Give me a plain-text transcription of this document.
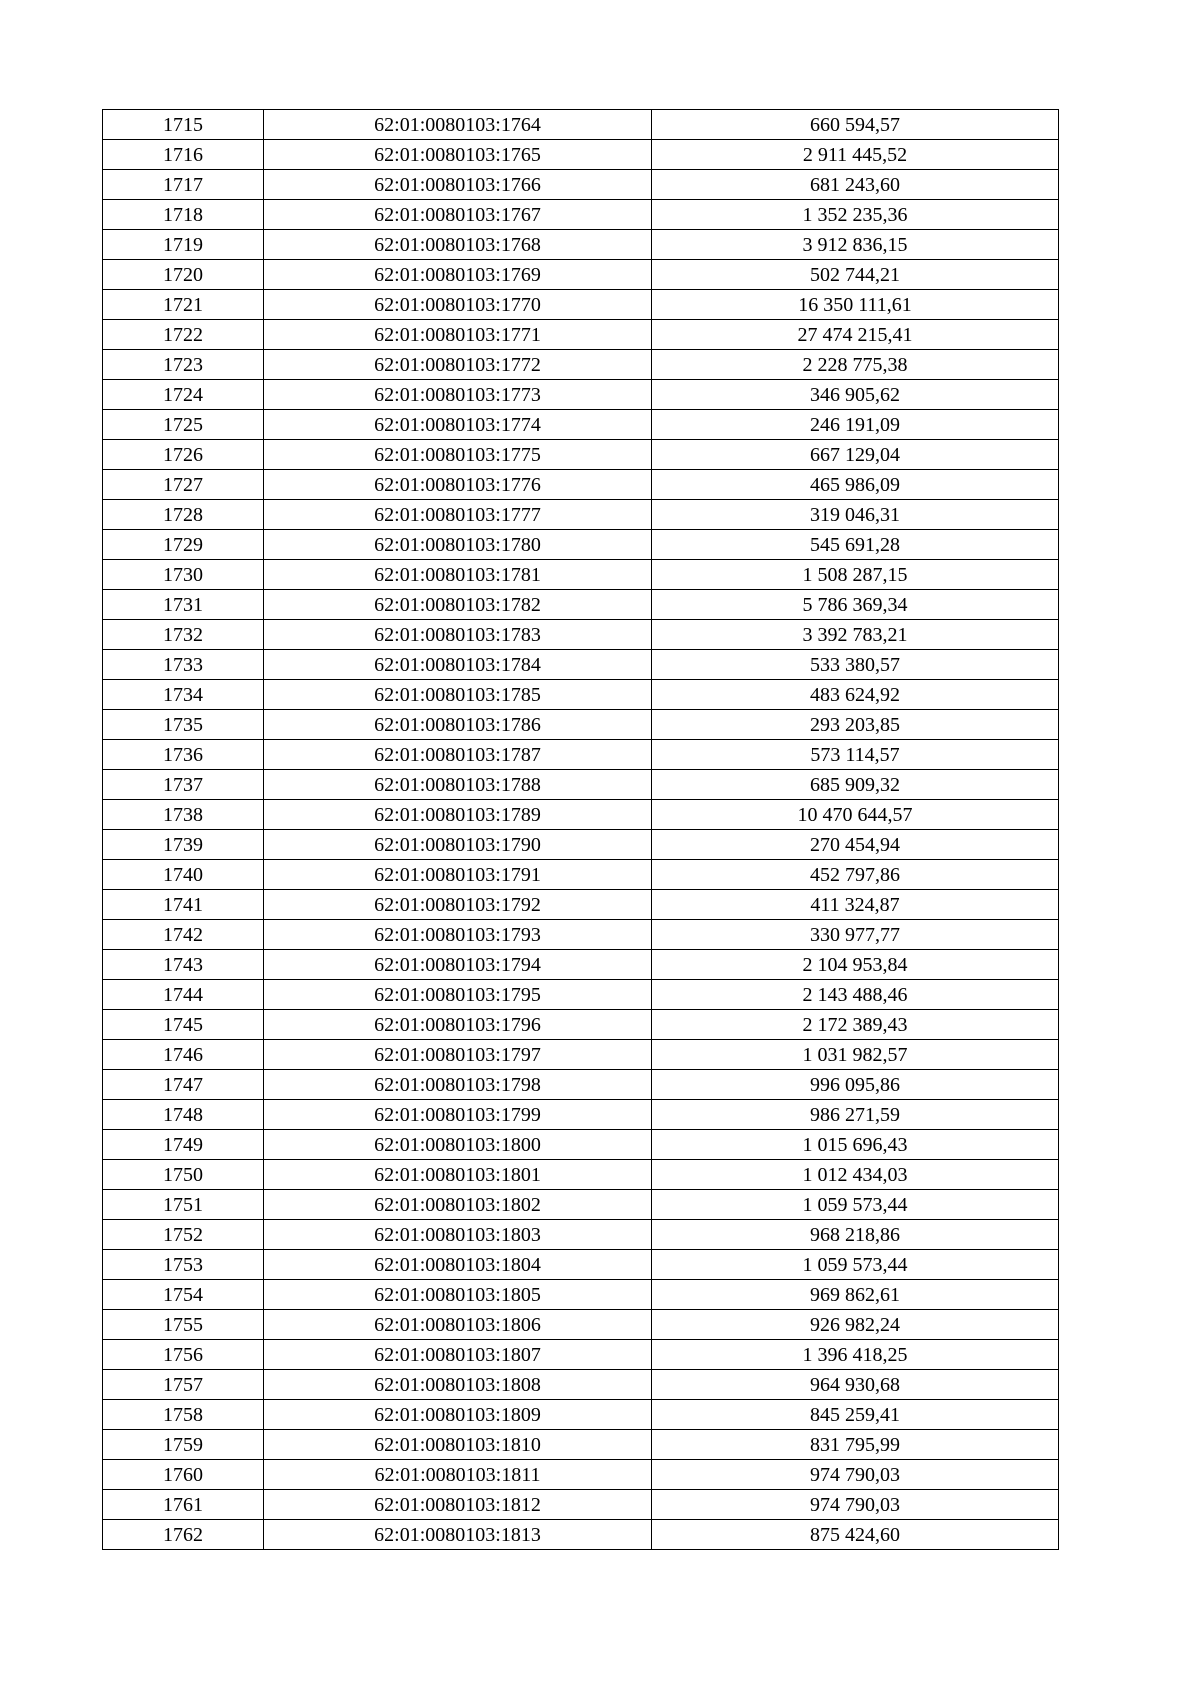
1715	62:01:0080103:1764	660 594,57
1716	62:01:0080103:1765	2 911 445,52
1717	62:01:0080103:1766	681 243,60
1718	62:01:0080103:1767	1 352 235,36
1719	62:01:0080103:1768	3 912 836,15
1720	62:01:0080103:1769	502 744,21
1721	62:01:0080103:1770	16 350 111,61
1722	62:01:0080103:1771	27 474 215,41
1723	62:01:0080103:1772	2 228 775,38
1724	62:01:0080103:1773	346 905,62
1725	62:01:0080103:1774	246 191,09
1726	62:01:0080103:1775	667 129,04
1727	62:01:0080103:1776	465 986,09
1728	62:01:0080103:1777	319 046,31
1729	62:01:0080103:1780	545 691,28
1730	62:01:0080103:1781	1 508 287,15
1731	62:01:0080103:1782	5 786 369,34
1732	62:01:0080103:1783	3 392 783,21
1733	62:01:0080103:1784	533 380,57
1734	62:01:0080103:1785	483 624,92
1735	62:01:0080103:1786	293 203,85
1736	62:01:0080103:1787	573 114,57
1737	62:01:0080103:1788	685 909,32
1738	62:01:0080103:1789	10 470 644,57
1739	62:01:0080103:1790	270 454,94
1740	62:01:0080103:1791	452 797,86
1741	62:01:0080103:1792	411 324,87
1742	62:01:0080103:1793	330 977,77
1743	62:01:0080103:1794	2 104 953,84
1744	62:01:0080103:1795	2 143 488,46
1745	62:01:0080103:1796	2 172 389,43
1746	62:01:0080103:1797	1 031 982,57
1747	62:01:0080103:1798	996 095,86
1748	62:01:0080103:1799	986 271,59
1749	62:01:0080103:1800	1 015 696,43
1750	62:01:0080103:1801	1 012 434,03
1751	62:01:0080103:1802	1 059 573,44
1752	62:01:0080103:1803	968 218,86
1753	62:01:0080103:1804	1 059 573,44
1754	62:01:0080103:1805	969 862,61
1755	62:01:0080103:1806	926 982,24
1756	62:01:0080103:1807	1 396 418,25
1757	62:01:0080103:1808	964 930,68
1758	62:01:0080103:1809	845 259,41
1759	62:01:0080103:1810	831 795,99
1760	62:01:0080103:1811	974 790,03
1761	62:01:0080103:1812	974 790,03
1762	62:01:0080103:1813	875 424,60
